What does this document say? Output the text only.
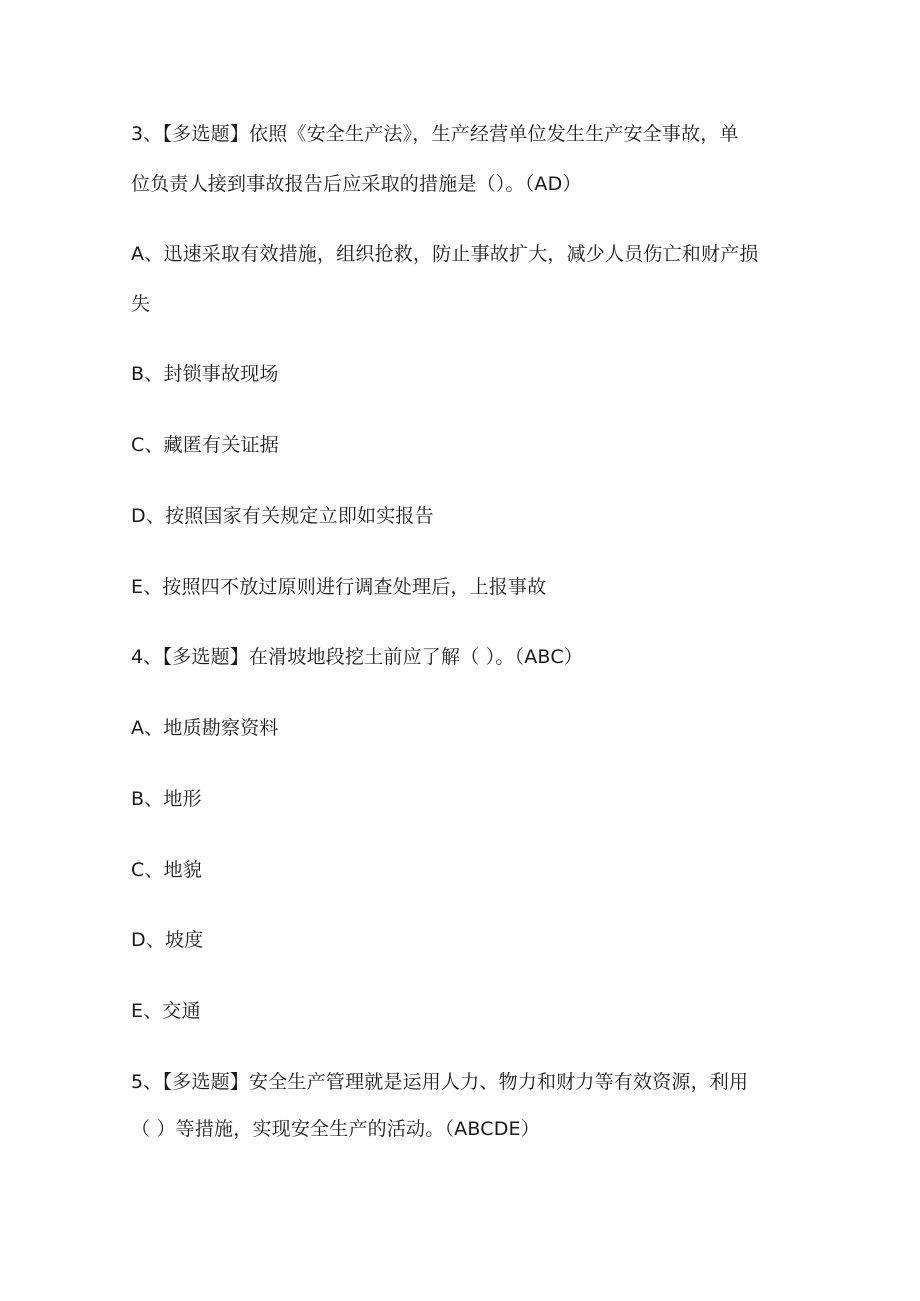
3、【多选题】依照《安全生产法》，生产经营单位发生生产安全事故，单
位负责人接到事故报告后应采取的措施是（）。（AD）
A、迅速采取有效措施，组织抢救，防止事故扩大，减少人员伤亡和财产损
失
B、封锁事故现场
C、藏匿有关证据
D、按照国家有关规定立即如实报告
E、按照四不放过原则进行调查处理后，上报事故
4、【多选题】在滑坡地段挖土前应了解（ ）。（ABC）
A、地质勘察资料
B、地形
C、地貌
D、坡度
E、交通
5、【多选题】安全生产管理就是运用人力、物力和财力等有效资源，利用
（ ）等措施，实现安全生产的活动。（ABCDE）
